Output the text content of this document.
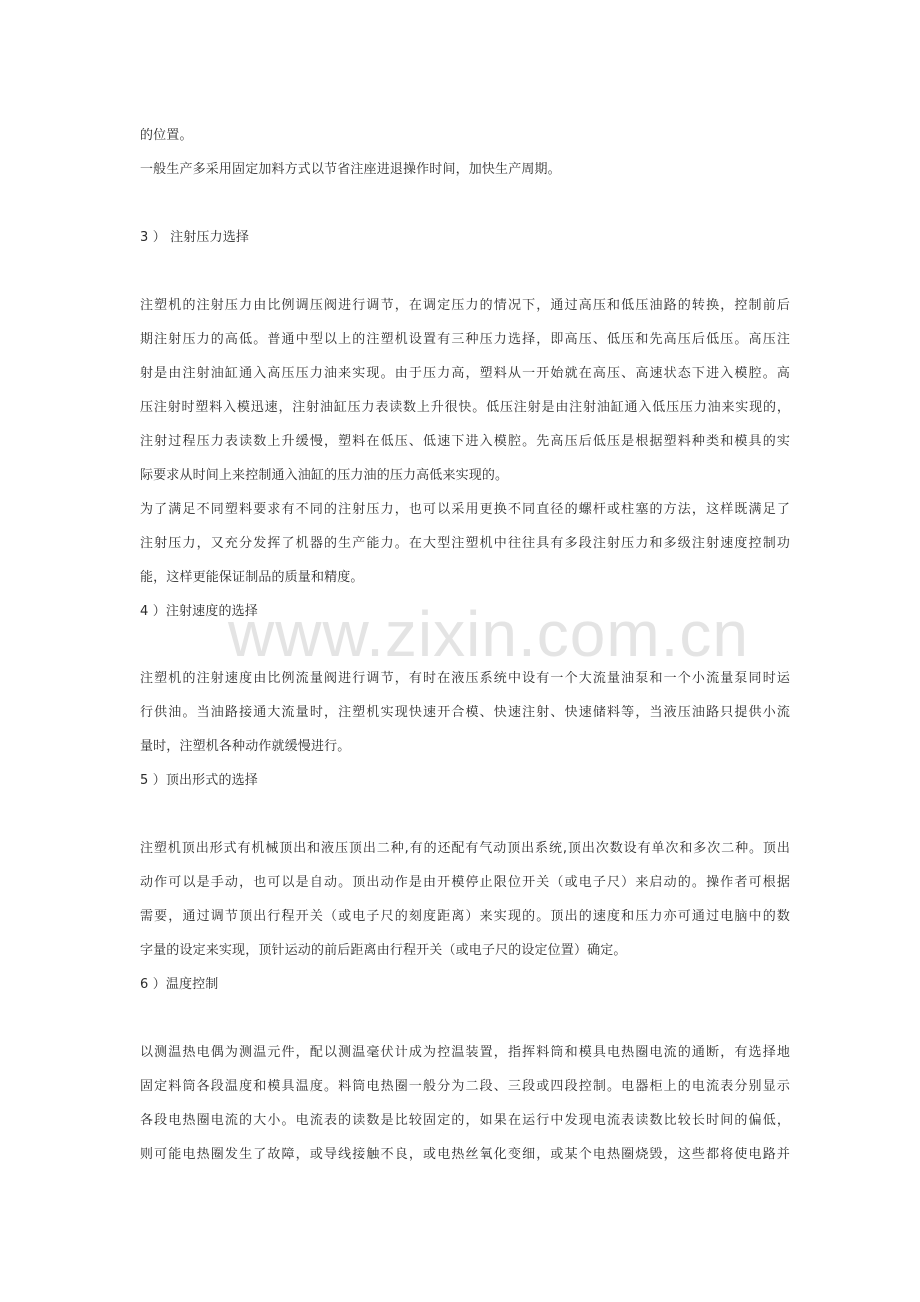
的位置。
一般生产多采用固定加料方式以节省注座进退操作时间，加快生产周期。
3 ） 注射压力选择
注塑机的注射压力由比例调压阀进行调节，在调定压力的情况下，通过高压和低压油路的转换，控制前后
期注射压力的高低。普通中型以上的注塑机设置有三种压力选择，即高压、低压和先高压后低压。高压注
射是由注射油缸通入高压压力油来实现。由于压力高，塑料从一开始就在高压、高速状态下进入模腔。高
压注射时塑料入模迅速，注射油缸压力表读数上升很快。低压注射是由注射油缸通入低压压力油来实现的，
注射过程压力表读数上升缓慢，塑料在低压、低速下进入模腔。先高压后低压是根据塑料种类和模具的实
际要求从时间上来控制通入油缸的压力油的压力高低来实现的。
为了满足不同塑料要求有不同的注射压力，也可以采用更换不同直径的螺杆或柱塞的方法，这样既满足了
注射压力，又充分发挥了机器的生产能力。在大型注塑机中往往具有多段注射压力和多级注射速度控制功
能，这样更能保证制品的质量和精度。
4 ）注射速度的选择
注塑机的注射速度由比例流量阀进行调节，有时在液压系统中设有一个大流量油泵和一个小流量泵同时运
行供油。当油路接通大流量时，注塑机实现快速开合模、快速注射、快速储料等，当液压油路只提供小流
量时，注塑机各种动作就缓慢进行。
5 ）顶出形式的选择
注塑机顶出形式有机械顶出和液压顶出二种,有的还配有气动顶出系统,顶出次数设有单次和多次二种。顶出
动作可以是手动，也可以是自动。顶出动作是由开模停止限位开关（或电子尺）来启动的。操作者可根据
需要，通过调节顶出行程开关（或电子尺的刻度距离）来实现的。顶出的速度和压力亦可通过电脑中的数
字量的设定来实现，顶针运动的前后距离由行程开关（或电子尺的设定位置）确定。
6 ）温度控制
以测温热电偶为测温元件，配以测温毫伏计成为控温装置，指挥料筒和模具电热圈电流的通断，有选择地
固定料筒各段温度和模具温度。料筒电热圈一般分为二段、三段或四段控制。电器柜上的电流表分别显示
各段电热圈电流的大小。电流表的读数是比较固定的，如果在运行中发现电流表读数比较长时间的偏低，
则可能电热圈发生了故障，或导线接触不良，或电热丝氧化变细，或某个电热圈烧毁，这些都将使电路并
www.zixin.com.cn
